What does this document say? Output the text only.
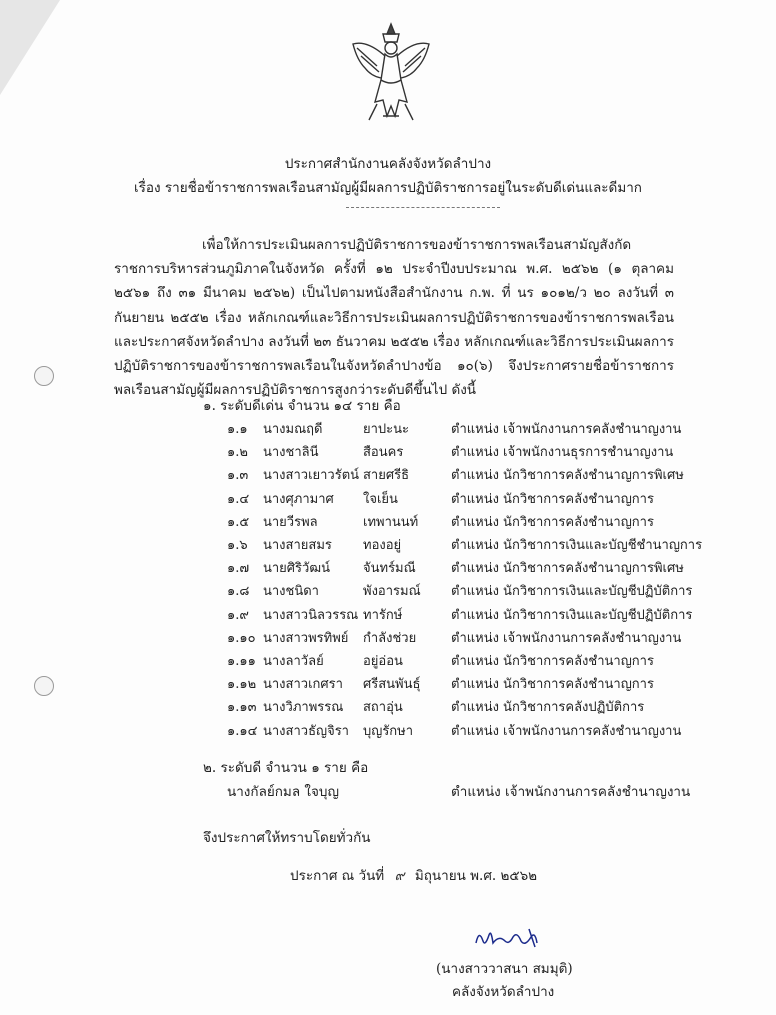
ประกาศสำนักงานคลังจังหวัดลำปาง
เรื่อง รายชื่อข้าราชการพลเรือนสามัญผู้มีผลการปฏิบัติราชการอยู่ในระดับดีเด่นและดีมาก

เพื่อให้การประเมินผลการปฏิบัติราชการของข้าราชการพลเรือนสามัญสังกัดราชการบริหารส่วนภูมิภาคในจังหวัด ครั้งที่ ๑๒ ประจำปีงบประมาณ พ.ศ. ๒๕๖๒ (๑ ตุลาคม ๒๕๖๑ ถึง ๓๑ มีนาคม ๒๕๖๒) เป็นไปตามหนังสือสำนักงาน ก.พ. ที่ นร ๑๐๑๒/ว ๒๐ ลงวันที่ ๓ กันยายน ๒๕๕๒ เรื่อง หลักเกณฑ์และวิธีการประเมินผลการปฏิบัติราชการของข้าราชการพลเรือน และประกาศจังหวัดลำปาง ลงวันที่ ๒๓ ธันวาคม ๒๕๕๒ เรื่อง หลักเกณฑ์และวิธีการประเมินผลการปฏิบัติราชการของข้าราชการพลเรือนในจังหวัดลำปางข้อ ๑๐(๖) จึงประกาศรายชื่อข้าราชการพลเรือนสามัญผู้มีผลการปฏิบัติราชการสูงกว่าระดับดีขึ้นไป ดังนี้

๑. ระดับดีเด่น จำนวน ๑๔ ราย คือ
๑.๑ นางมณฤดี	ยาปะนะ	ตำแหน่ง เจ้าพนักงานการคลังชำนาญงาน
๑.๒ นางชาลินี	สือนคร	ตำแหน่ง เจ้าพนักงานธุรการชำนาญงาน
๑.๓ นางสาวเยาวรัตน์ สายศรีธิ	ตำแหน่ง นักวิชาการคลังชำนาญการพิเศษ
๑.๔ นางศุภามาศ ใจเย็น	ตำแหน่ง นักวิชาการคลังชำนาญการ
๑.๕ นายวีรพล	เทพานนท์	ตำแหน่ง นักวิชาการคลังชำนาญการ
๑.๖ นางสายสมร ทองอยู่	ตำแหน่ง นักวิชาการเงินและบัญชีชำนาญการ
๑.๗ นายศิริวัฒน์	จันทร์มณี	ตำแหน่ง นักวิชาการคลังชำนาญการพิเศษ
๑.๘ นางชนิดา	พังอารมณ์ ตำแหน่ง นักวิชาการเงินและบัญชีปฏิบัติการ
๑.๙ นางสาวนิลวรรณ ทารักษ์	ตำแหน่ง นักวิชาการเงินและบัญชีปฏิบัติการ
๑.๑๐ นางสาวพรทิพย์ กำลังช่วย	ตำแหน่ง เจ้าพนักงานการคลังชำนาญงาน
๑.๑๑ นางลาวัลย์	อยู่อ่อน	ตำแหน่ง นักวิชาการคลังชำนาญการ
๑.๑๒ นางสาวเกศรา ศรีสนพันธุ์ ตำแหน่ง นักวิชาการคลังชำนาญการ
๑.๑๓ นางวิภาพรรณ สถาอุ่น	ตำแหน่ง นักวิชาการคลังปฏิบัติการ
๑.๑๔ นางสาวธัญจิรา บุญรักษา	ตำแหน่ง เจ้าพนักงานการคลังชำนาญงาน
๒. ระดับดี จำนวน ๑ ราย คือ
นางกัลย์กมล ใจบุญ	ตำแหน่ง เจ้าพนักงานการคลังชำนาญงาน
จึงประกาศให้ทราบโดยทั่วกัน
ประกาศ ณ วันที่ ๙ มิถุนายน พ.ศ. ๒๕๖๒
(นางสาววาสนา สมมุติ)
คลังจังหวัดลำปาง
